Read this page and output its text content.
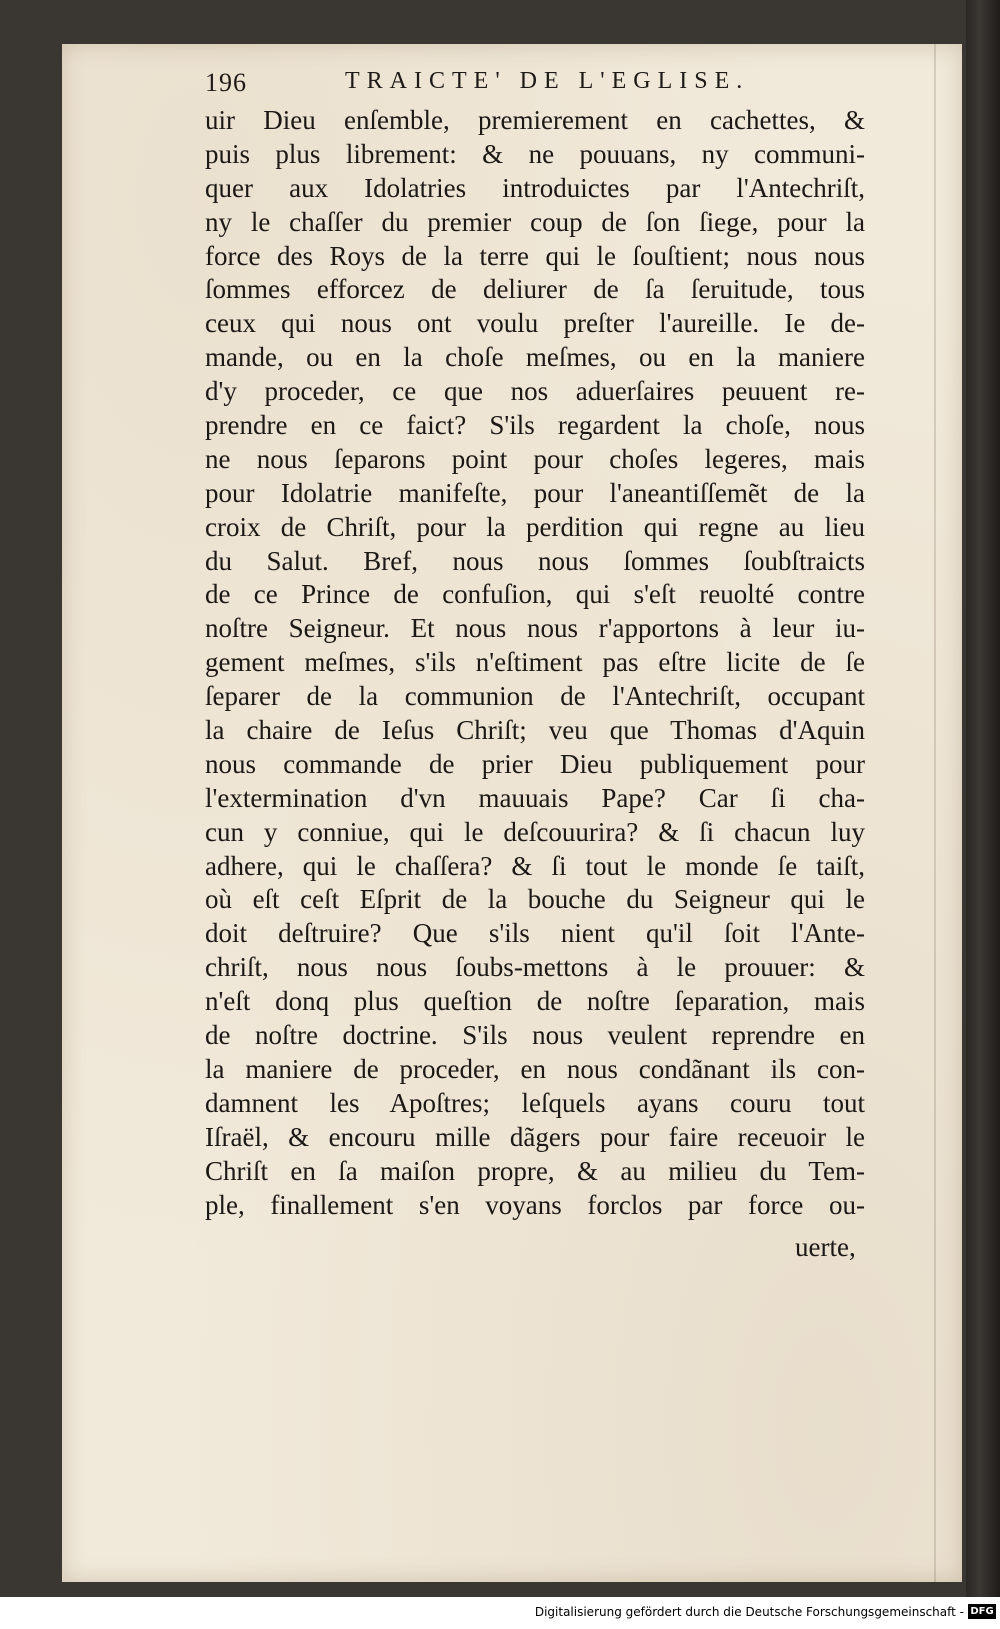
196	TRAICTE' DE L'EGLISE.
uir Dieu enſemble, premierement en cachettes, &
puis plus librement: & ne pouuans, ny communi-
quer aux Idolatries introduictes par l'Antechriſt,
ny le chaſſer du premier coup de ſon ſiege, pour la
force des Roys de la terre qui le ſouſtient; nous nous
ſommes efforcez de deliurer de ſa ſeruitude, tous
ceux qui nous ont voulu preſter l'aureille. Ie de-
mande, ou en la choſe meſmes, ou en la maniere
d'y proceder, ce que nos aduerſaires peuuent re-
prendre en ce faict? S'ils regardent la choſe, nous
ne nous ſeparons point pour choſes legeres, mais
pour Idolatrie manifeſte, pour l'aneantiſſemẽt de la
croix de Chriſt, pour la perdition qui regne au lieu
du Salut. Bref, nous nous ſommes ſoubſtraicts
de ce Prince de confuſion, qui s'eſt reuolté contre
noſtre Seigneur. Et nous nous r'apportons à leur iu-
gement meſmes, s'ils n'eſtiment pas eſtre licite de ſe
ſeparer de la communion de l'Antechriſt, occupant
la chaire de Ieſus Chriſt; veu que Thomas d'Aquin
nous commande de prier Dieu publiquement pour
l'extermination d'vn mauuais Pape? Car ſi cha-
cun y conniue, qui le deſcouurira? & ſi chacun luy
adhere, qui le chaſſera? & ſi tout le monde ſe taiſt,
où eſt ceſt Eſprit de la bouche du Seigneur qui le
doit deſtruire? Que s'ils nient qu'il ſoit l'Ante-
chriſt, nous nous ſoubs-mettons à le prouuer: &
n'eſt donq plus queſtion de noſtre ſeparation, mais
de noſtre doctrine. S'ils nous veulent reprendre en
la maniere de proceder, en nous condãnant ils con-
damnent les Apoſtres; leſquels ayans couru tout
Iſraël, & encouru mille dãgers pour faire receuoir le
Chriſt en ſa maiſon propre, & au milieu du Tem-
ple, finallement s'en voyans forclos par force ou-
uerte,
Digitalisierung gefördert durch die Deutsche Forschungsgemeinschaft - DFG
